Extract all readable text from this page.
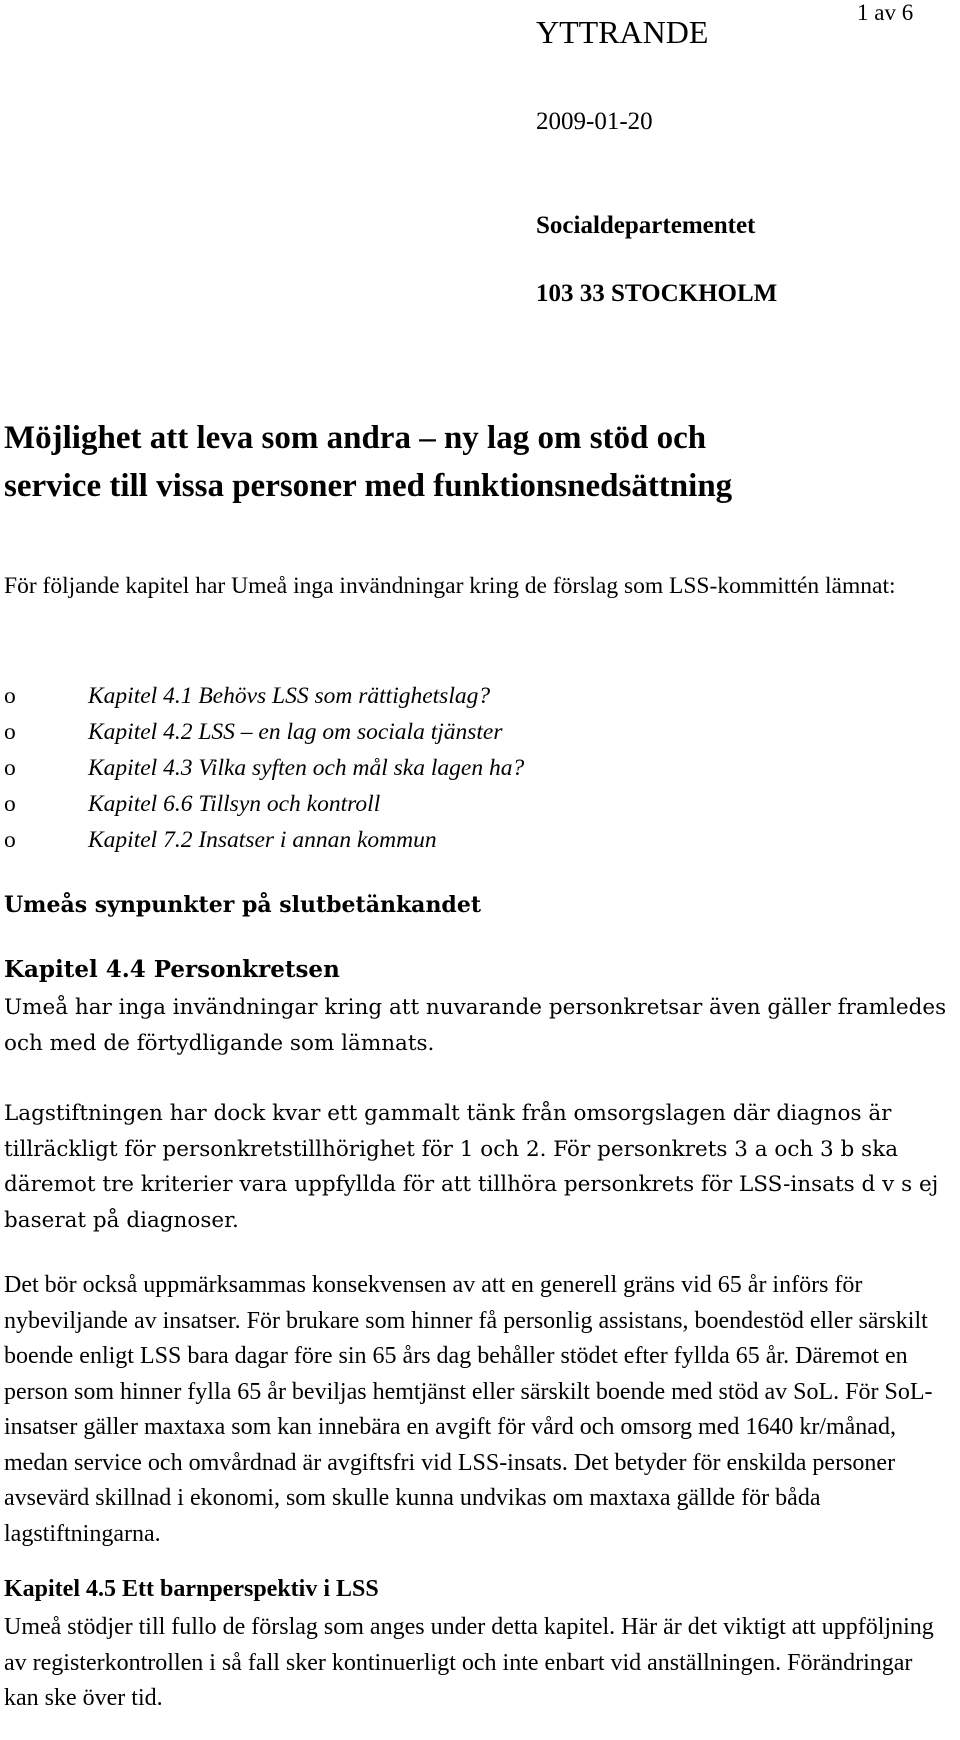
YTTRANDE
1 av 6
2009-01-20
Socialdepartementet
103 33 STOCKHOLM
Möjlighet att leva som andra – ny lag om stöd och
service till vissa personer med funktionsnedsättning
För följande kapitel har Umeå inga invändningar kring de förslag som LSS-kommittén lämnat:
o	Kapitel 4.1 Behövs LSS som rättighetslag?
o	Kapitel 4.2 LSS – en lag om sociala tjänster
o	Kapitel 4.3 Vilka syften och mål ska lagen ha?
o	Kapitel 6.6 Tillsyn och kontroll
o	Kapitel 7.2 Insatser i annan kommun
Umeås synpunkter på slutbetänkandet
Kapitel 4.4 Personkretsen
Umeå har inga invändningar kring att nuvarande personkretsar även gäller framledes och med de förtydligande som lämnats.
Lagstiftningen har dock kvar ett gammalt tänk från omsorgslagen där diagnos är tillräckligt för personkretstillhörighet för 1 och 2. För personkrets 3 a och 3 b ska däremot tre kriterier vara uppfyllda för att tillhöra personkrets för LSS-insats d v s ej baserat på diagnoser.
Det bör också uppmärksammas konsekvensen av att en generell gräns vid 65 år införs för nybeviljande av insatser. För brukare som hinner få personlig assistans, boendestöd eller särskilt boende enligt LSS bara dagar före sin 65 års dag behåller stödet efter fyllda 65 år. Däremot en person som hinner fylla 65 år beviljas hemtjänst eller särskilt boende med stöd av SoL. För SoL-insatser gäller maxtaxa som kan innebära en avgift för vård och omsorg med 1640 kr/månad, medan service och omvårdnad är avgiftsfri vid LSS-insats. Det betyder för enskilda personer avsevärd skillnad i ekonomi, som skulle kunna undvikas om maxtaxa gällde för båda lagstiftningarna.
Kapitel 4.5 Ett barnperspektiv i LSS
Umeå stödjer till fullo de förslag som anges under detta kapitel. Här är det viktigt att uppföljning av registerkontrollen i så fall sker kontinuerligt och inte enbart vid anställningen. Förändringar kan ske över tid.
